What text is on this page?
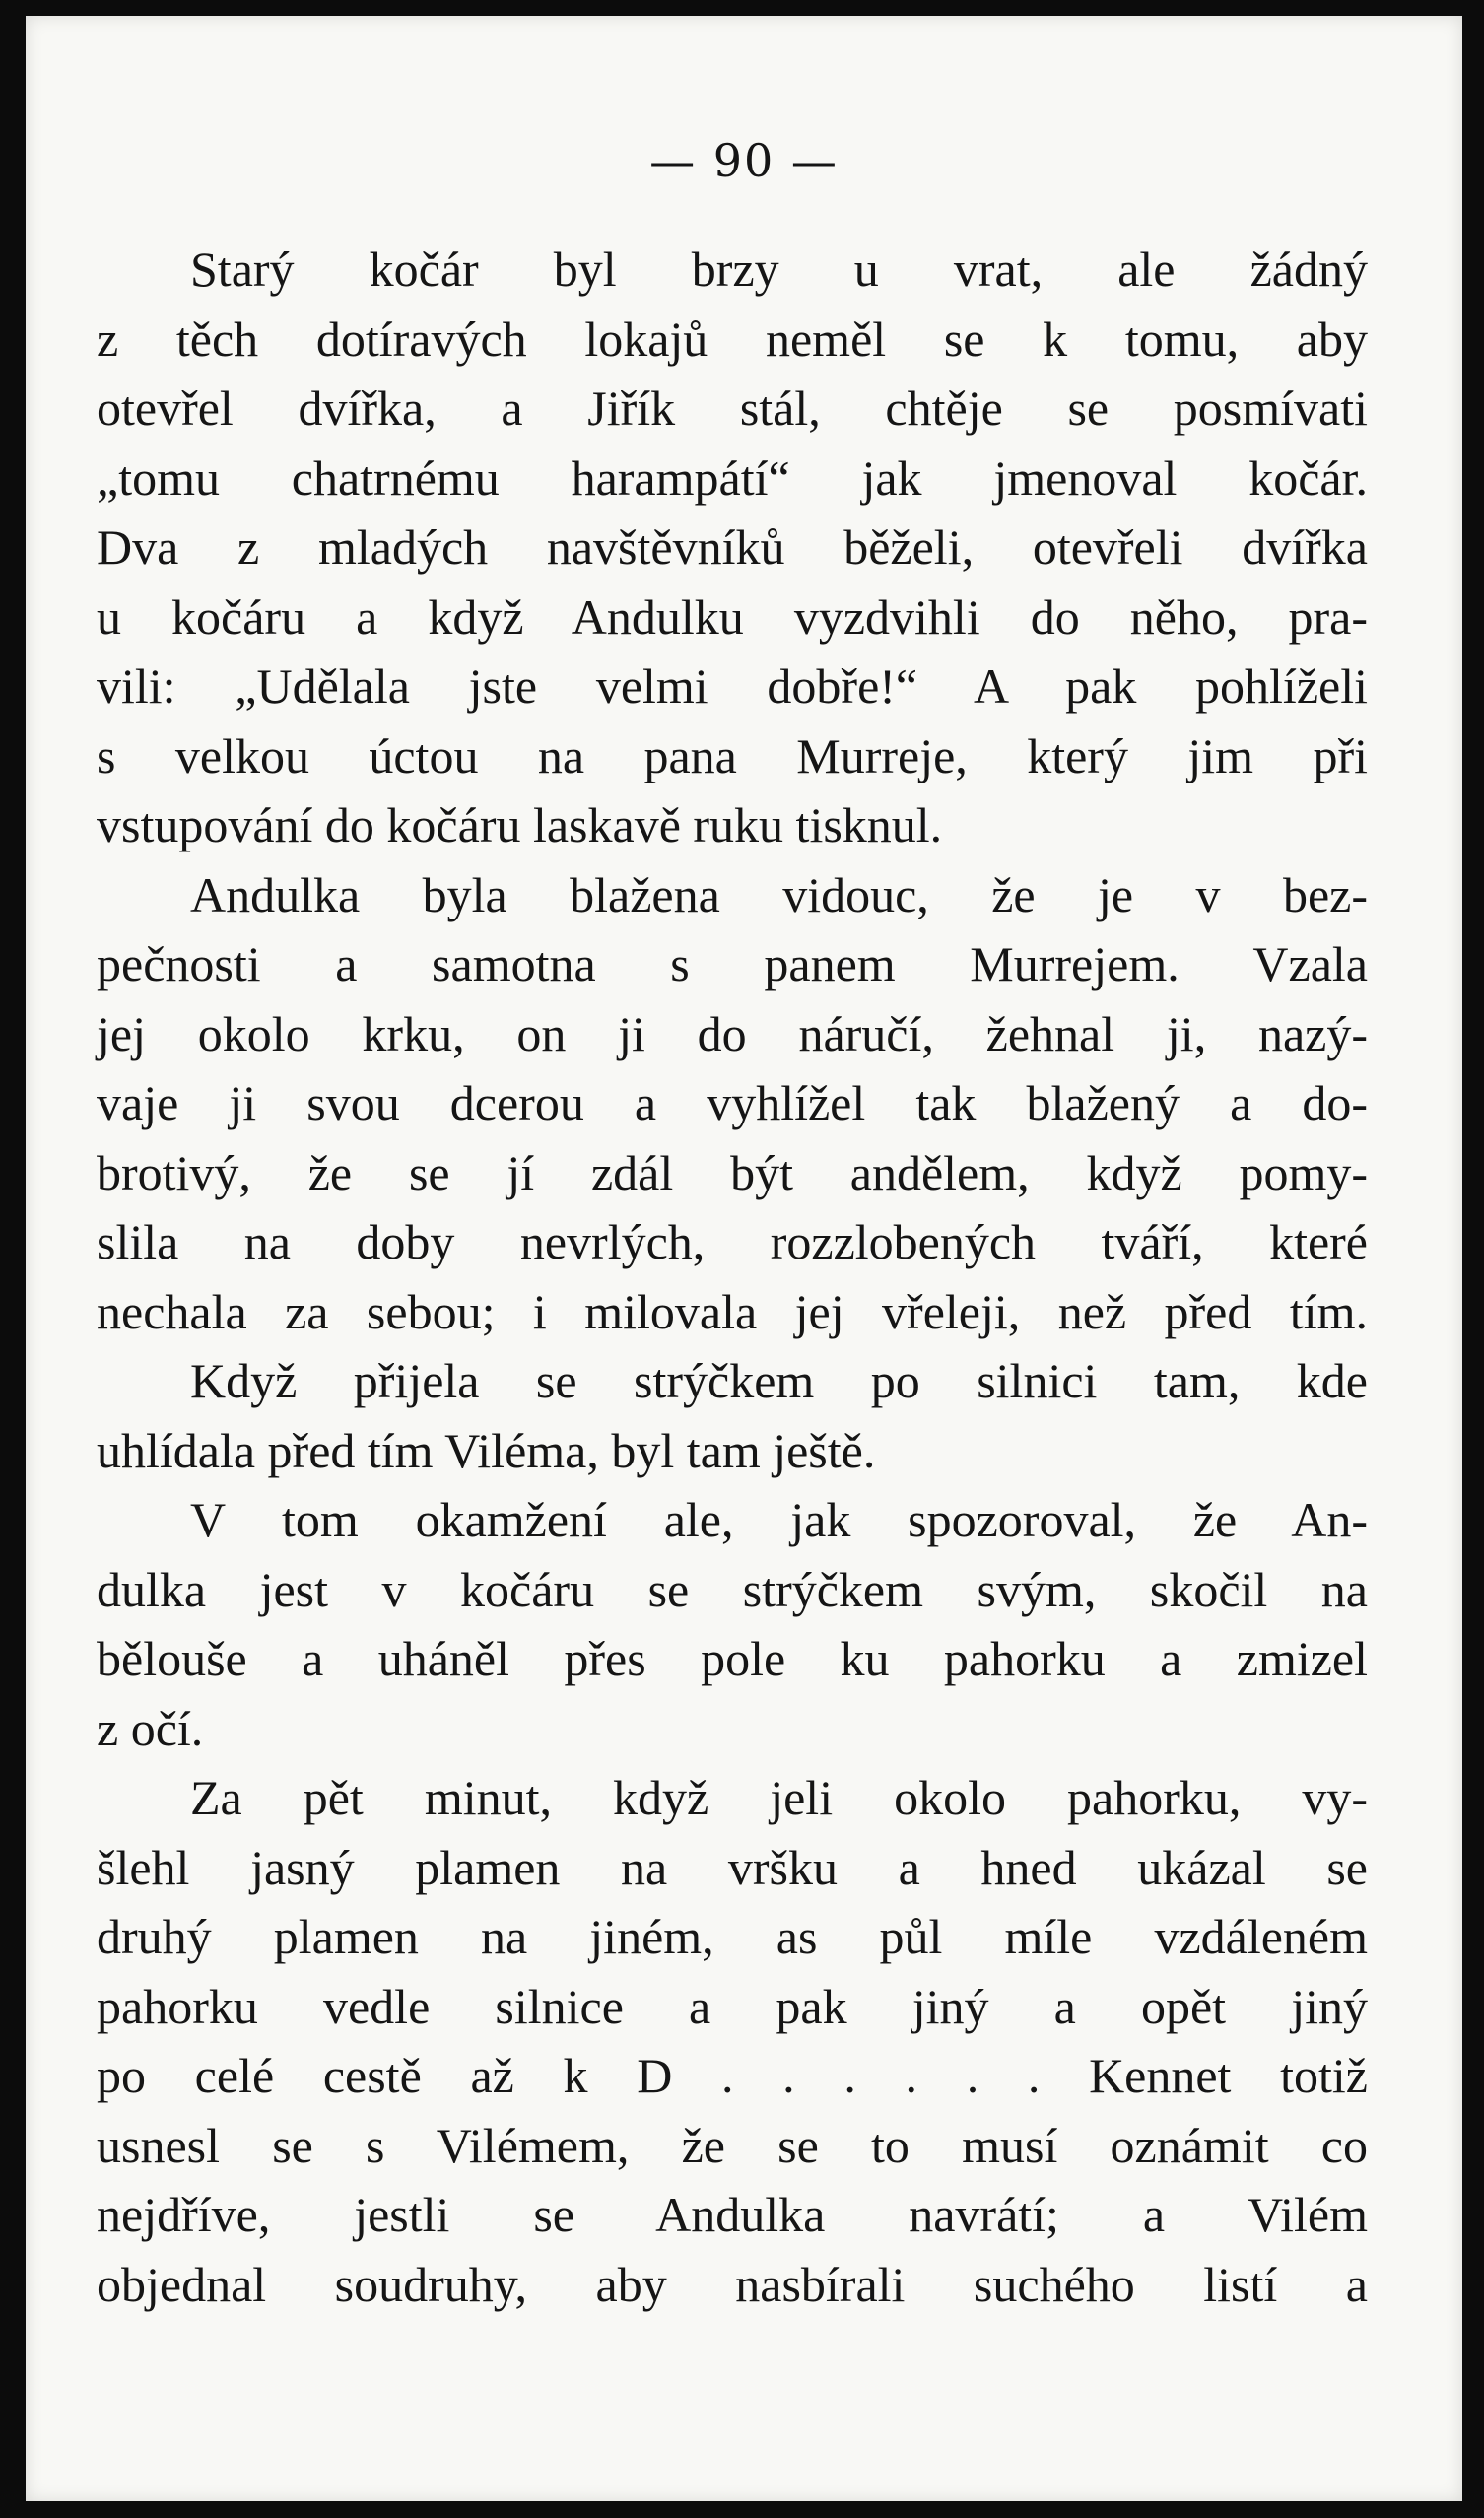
— 90 —
Starý kočár byl brzy u vrat, ale žádný
z těch dotíravých lokajů neměl se k tomu, aby
otevřel dvířka, a Jiřík stál, chtěje se posmívati
„tomu chatrnému harampátí“ jak jmenoval kočár.
Dva z mladých navštěvníků běželi, otevřeli dvířka
u kočáru a když Andulku vyzdvihli do něho, pra-
vili: „Udělala jste velmi dobře!“ A pak pohlíželi
s velkou úctou na pana Murreje, který jim při
vstupování do kočáru laskavě ruku tisknul.
Andulka byla blažena vidouc, že je v bez-
pečnosti a samotna s panem Murrejem. Vzala
jej okolo krku, on ji do náručí, žehnal ji, nazý-
vaje ji svou dcerou a vyhlížel tak blažený a do-
brotivý, že se jí zdál být andělem, když pomy-
slila na doby nevrlých, rozzlobených tváří, které
nechala za sebou; i milovala jej vřeleji, než před tím.
Když přijela se strýčkem po silnici tam, kde
uhlídala před tím Viléma, byl tam ještě.
V tom okamžení ale, jak spozoroval, že An-
dulka jest v kočáru se strýčkem svým, skočil na
bělouše a uháněl přes pole ku pahorku a zmizel
z očí.
Za pět minut, když jeli okolo pahorku, vy-
šlehl jasný plamen na vršku a hned ukázal se
druhý plamen na jiném, as půl míle vzdáleném
pahorku vedle silnice a pak jiný a opět jiný
po celé cestě až k D . . . . . . Kennet totiž
usnesl se s Vilémem, že se to musí oznámit co
nejdříve, jestli se Andulka navrátí; a Vilém
objednal soudruhy, aby nasbírali suchého listí a
